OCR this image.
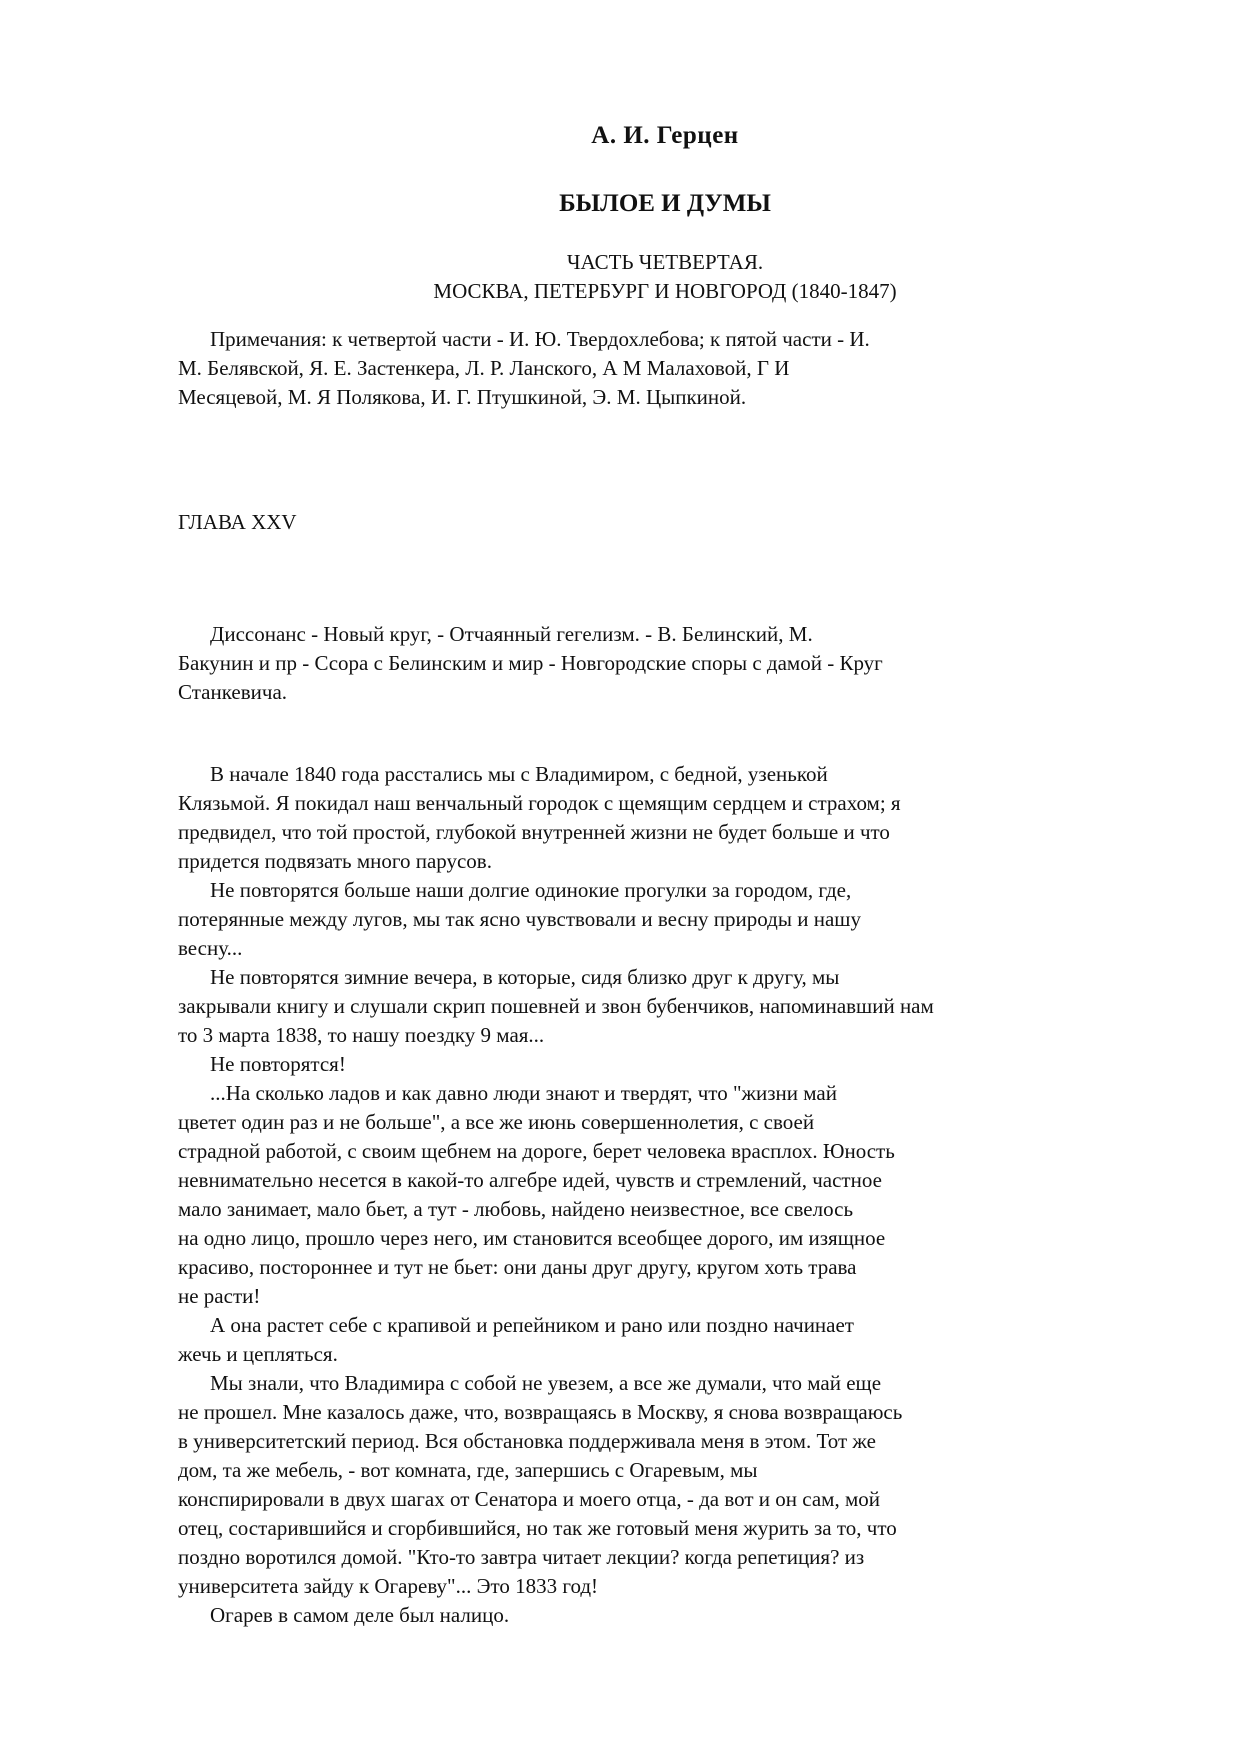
А. И. Герцен
БЫЛОЕ И ДУМЫ
ЧАСТЬ ЧЕТВЕРТАЯ.
МОСКВА, ПЕТЕРБУРГ И НОВГОРОД (1840-1847)
Примечания: к четвертой части - И. Ю. Твердохлебова; к пятой части - И.
М. Белявской, Я. Е. Застенкера, Л. Р. Ланского, А М Малаховой, Г И
Месяцевой, М. Я Полякова, И. Г. Птушкиной, Э. М. Цыпкиной.
ГЛАВА XXV
Диссонанс - Новый круг, - Отчаянный гегелизм. - В. Белинский, М.
Бакунин и пр - Ссора с Белинским и мир - Новгородские споры с дамой - Круг
Станкевича.
В начале 1840 года расстались мы с Владимиром, с бедной, узенькой
Клязьмой. Я покидал наш венчальный городок с щемящим сердцем и страхом; я
предвидел, что той простой, глубокой внутренней жизни не будет больше и что
придется подвязать много парусов.
Не повторятся больше наши долгие одинокие прогулки за городом, где,
потерянные между лугов, мы так ясно чувствовали и весну природы и нашу
весну...
Не повторятся зимние вечера, в которые, сидя близко друг к другу, мы
закрывали книгу и слушали скрип пошевней и звон бубенчиков, напоминавший нам
то 3 марта 1838, то нашу поездку 9 мая...
Не повторятся!
...На сколько ладов и как давно люди знают и твердят, что "жизни май
цветет один раз и не больше", а все же июнь совершеннолетия, с своей
страдной работой, с своим щебнем на дороге, берет человека врасплох. Юность
невнимательно несется в какой-то алгебре идей, чувств и стремлений, частное
мало занимает, мало бьет, а тут - любовь, найдено неизвестное, все свелось
на одно лицо, прошло через него, им становится всеобщее дорого, им изящное
красиво, постороннее и тут не бьет: они даны друг другу, кругом хоть трава
не расти!
А она растет себе с крапивой и репейником и рано или поздно начинает
жечь и цепляться.
Мы знали, что Владимира с собой не увезем, а все же думали, что май еще
не прошел. Мне казалось даже, что, возвращаясь в Москву, я снова возвращаюсь
в университетский период. Вся обстановка поддерживала меня в этом. Тот же
дом, та же мебель, - вот комната, где, запершись с Огаревым, мы
конспирировали в двух шагах от Сенатора и моего отца, - да вот и он сам, мой
отец, состарившийся и сгорбившийся, но так же готовый меня журить за то, что
поздно воротился домой. "Кто-то завтра читает лекции? когда репетиция? из
университета зайду к Огареву"... Это 1833 год!
Огарев в самом деле был налицо.
